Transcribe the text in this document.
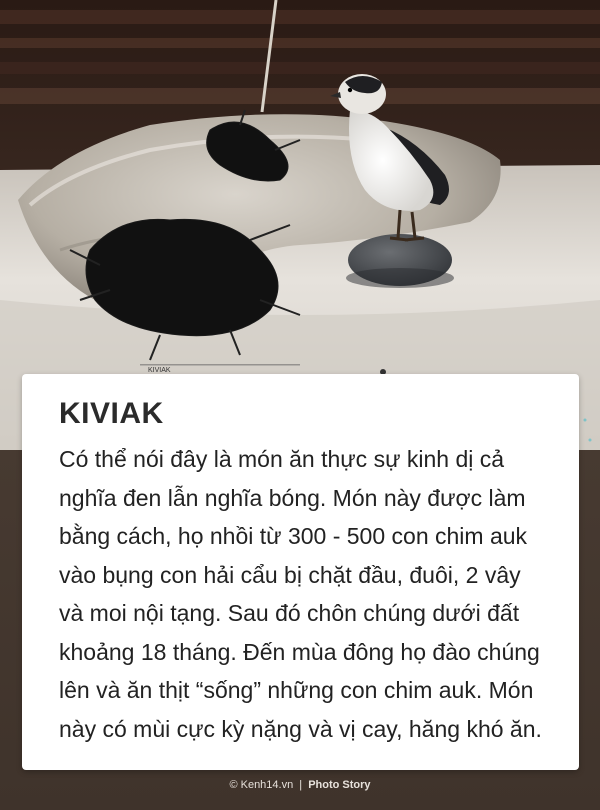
KIVIAK
KIVIAK

Có thể nói đây là món ăn thực sự kinh dị cả nghĩa đen lẫn nghĩa bóng. Món này được làm bằng cách, họ nhồi từ 300 - 500 con chim auk vào bụng con hải cẩu bị chặt đầu, đuôi, 2 vây và moi nội tạng. Sau đó chôn chúng dưới đất khoảng 18 tháng. Đến mùa đông họ đào chúng lên và ăn thịt “sống” những con chim auk. Món này có mùi cực kỳ nặng và vị cay, hăng khó ăn.

© Kenh14.vn | Photo Story
